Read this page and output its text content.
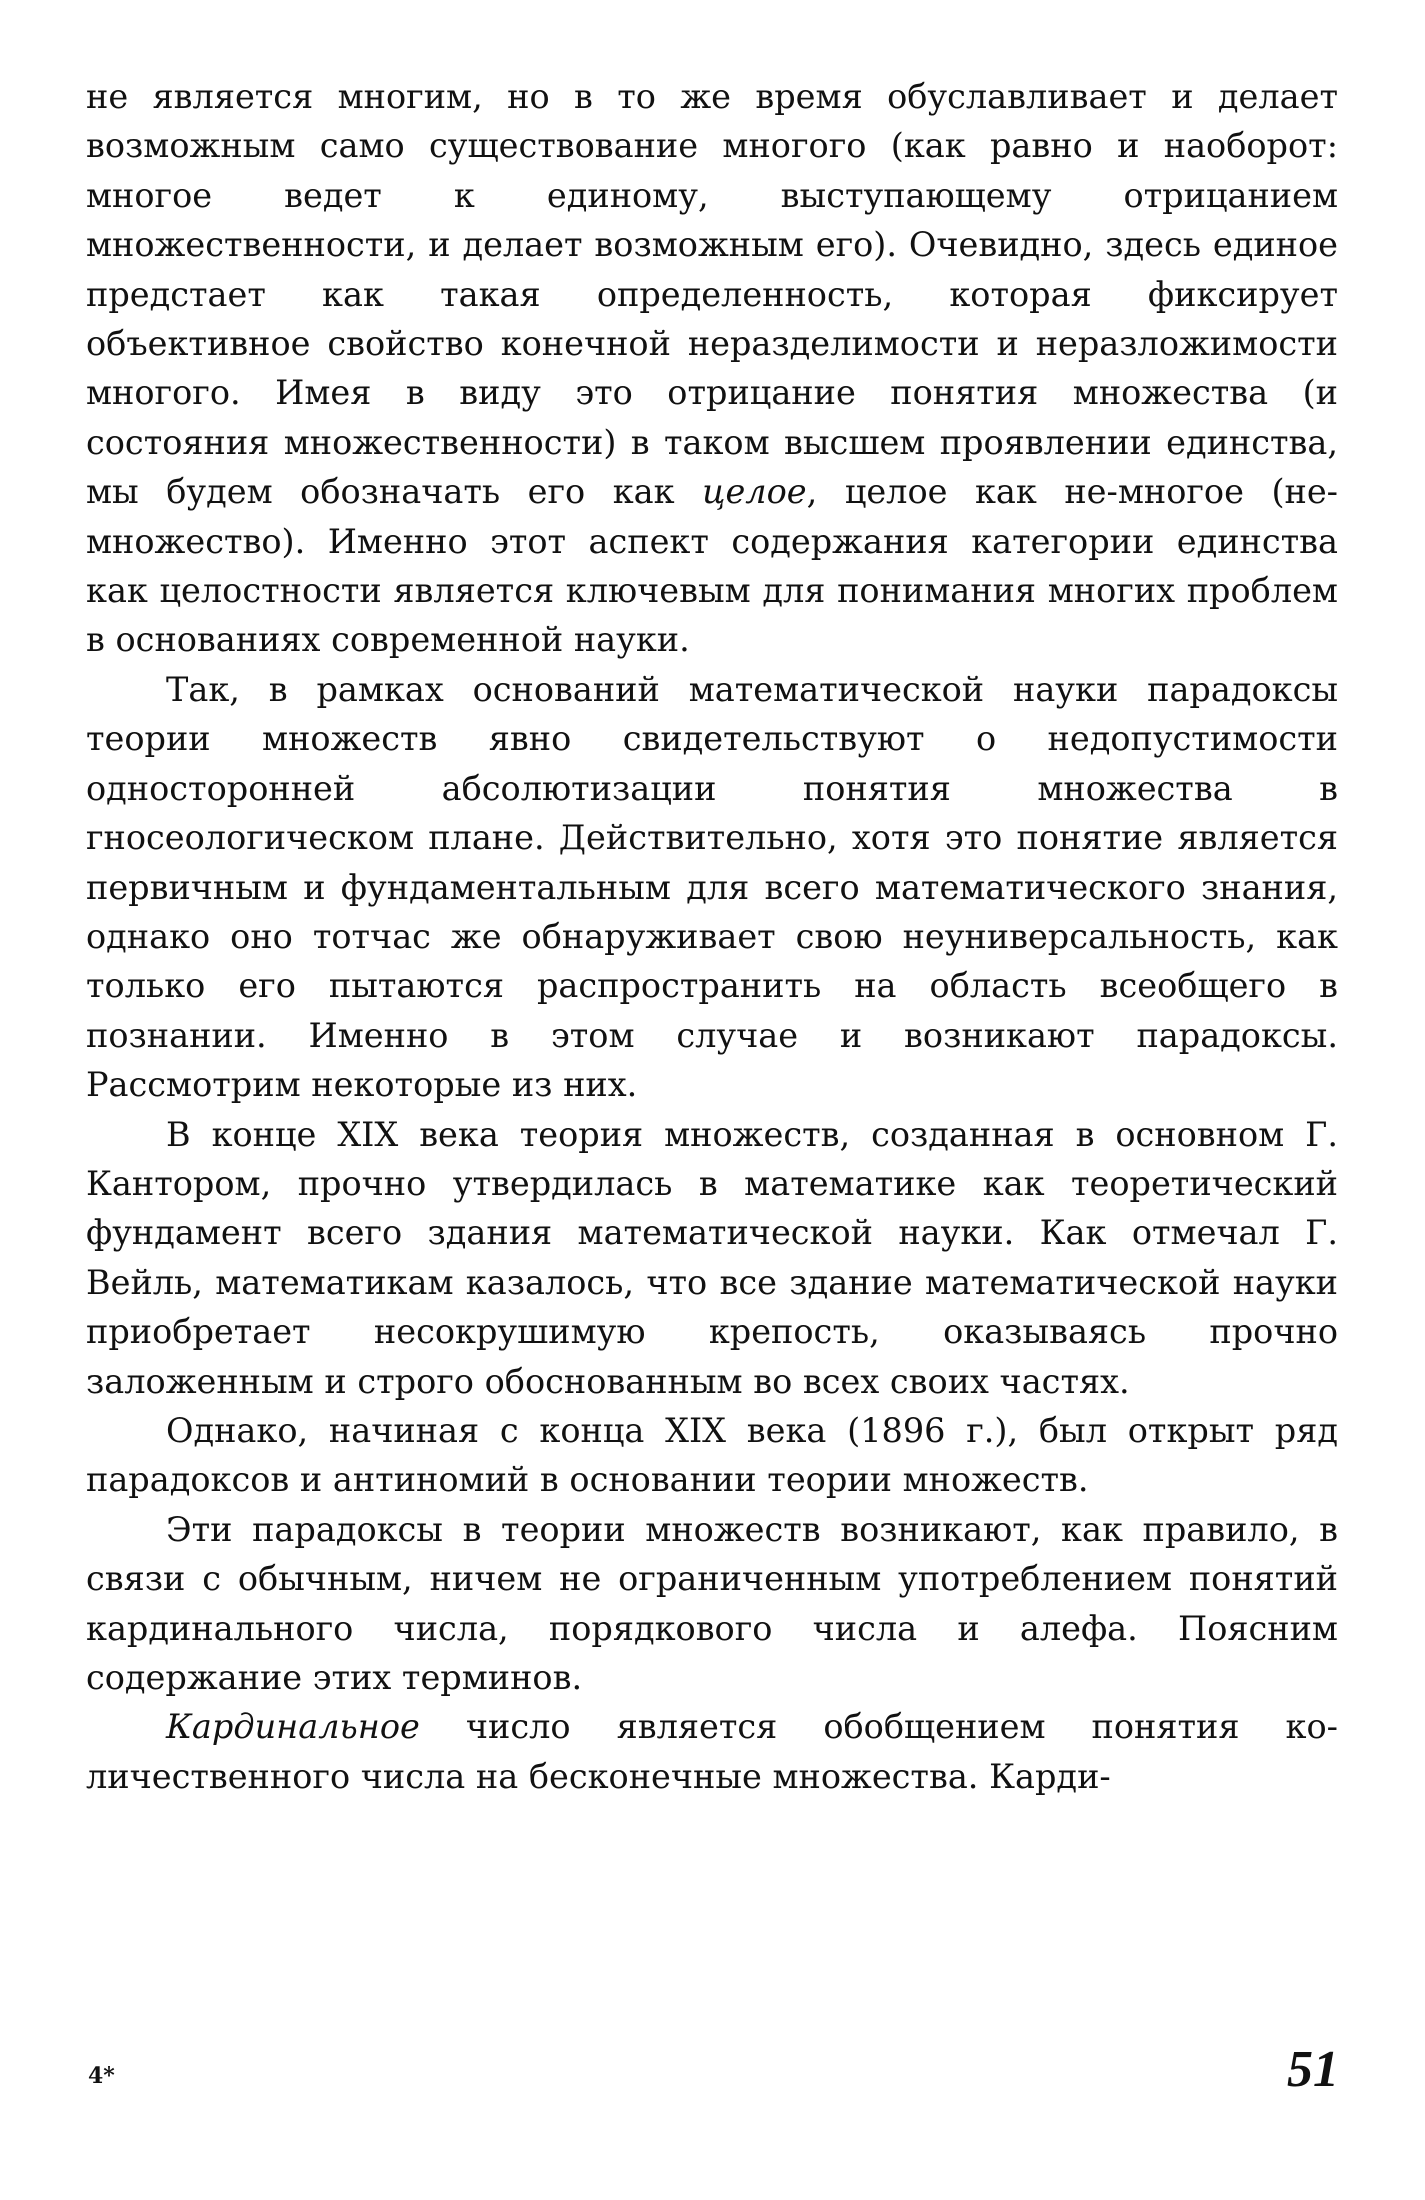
не является многим, но в то же время обуславливает и делает возможным само существование многого (как равно и наоборот: многое ведет к единому, выступающему отрицанием множественности, и делает возможным его). Очевидно, здесь единое предстает как такая определенность, которая фиксирует объективное свойство конечной неразделимости и неразложимости многого. Имея в виду это отрицание понятия множества (и состояния множественности) в таком высшем проявлении единства, мы будем обозначать его как целое, целое как не-многое (не-множество). Именно этот аспект содержания категории единства как целостности является ключевым для понимания многих проблем в основаниях современной науки.

Так, в рамках оснований математической науки парадоксы теории множеств явно свидетельствуют о недопустимости односторонней абсолютизации понятия множества в гносеологическом плане. Действительно, хотя это понятие является первичным и фундаментальным для всего математического знания, однако оно тотчас же обнаруживает свою неуниверсальность, как только его пытаются распространить на область всеобщего в познании. Именно в этом случае и возникают парадоксы. Рассмотрим некоторые из них.

В конце XIX века теория множеств, созданная в основном Г. Кантором, прочно утвердилась в математике как теоретический фундамент всего здания математической науки. Как отмечал Г. Вейль, математикам казалось, что все здание математической науки приобретает несокрушимую крепость, оказываясь прочно заложенным и строго обоснованным во всех своих частях.

Однако, начиная с конца XIX века (1896 г.), был открыт ряд парадоксов и антиномий в основании теории множеств.

Эти парадоксы в теории множеств возникают, как правило, в связи с обычным, ничем не ограниченным употреблением понятий кардинального числа, порядкового числа и алефа. Поясним содержание этих терминов.

Кардинальное число является обобщением понятия количественного числа на бесконечные множества. Карди-

4*	51
